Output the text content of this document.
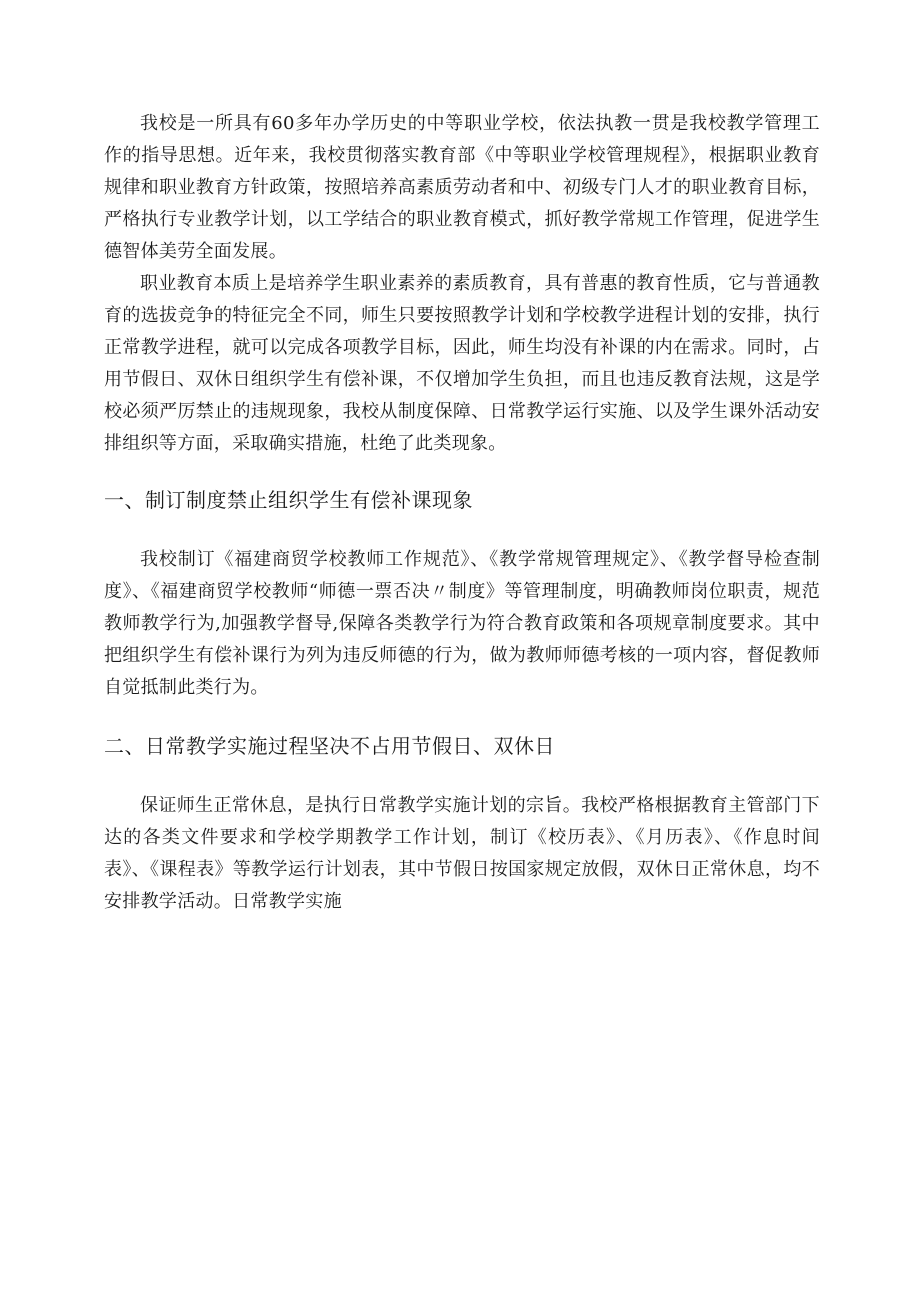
我校是一所具有60多年办学历史的中等职业学校，依法执教一贯是我校教学管理工作的指导思想。近年来，我校贯彻落实教育部《中等职业学校管理规程》，根据职业教育规律和职业教育方针政策，按照培养高素质劳动者和中、初级专门人才的职业教育目标，严格执行专业教学计划，以工学结合的职业教育模式，抓好教学常规工作管理，促进学生德智体美劳全面发展。

职业教育本质上是培养学生职业素养的素质教育，具有普惠的教育性质，它与普通教育的选拔竞争的特征完全不同，师生只要按照教学计划和学校教学进程计划的安排，执行正常教学进程，就可以完成各项教学目标，因此，师生均没有补课的内在需求。同时，占用节假日、双休日组织学生有偿补课，不仅增加学生负担，而且也违反教育法规，这是学校必须严厉禁止的违规现象，我校从制度保障、日常教学运行实施、以及学生课外活动安排组织等方面，采取确实措施，杜绝了此类现象。

一、制订制度禁止组织学生有偿补课现象

我校制订《福建商贸学校教师工作规范》、《教学常规管理规定》、《教学督导检查制度》、《福建商贸学校教师“师德一票否决〃制度》等管理制度，明确教师岗位职责，规范教师教学行为,加强教学督导,保障各类教学行为符合教育政策和各项规章制度要求。其中把组织学生有偿补课行为列为违反师德的行为，做为教师师德考核的一项内容，督促教师自觉抵制此类行为。

二、日常教学实施过程坚决不占用节假日、双休日

保证师生正常休息，是执行日常教学实施计划的宗旨。我校严格根据教育主管部门下达的各类文件要求和学校学期教学工作计划，制订《校历表》、《月历表》、《作息时间表》、《课程表》等教学运行计划表，其中节假日按国家规定放假，双休日正常休息，均不安排教学活动。日常教学实施
